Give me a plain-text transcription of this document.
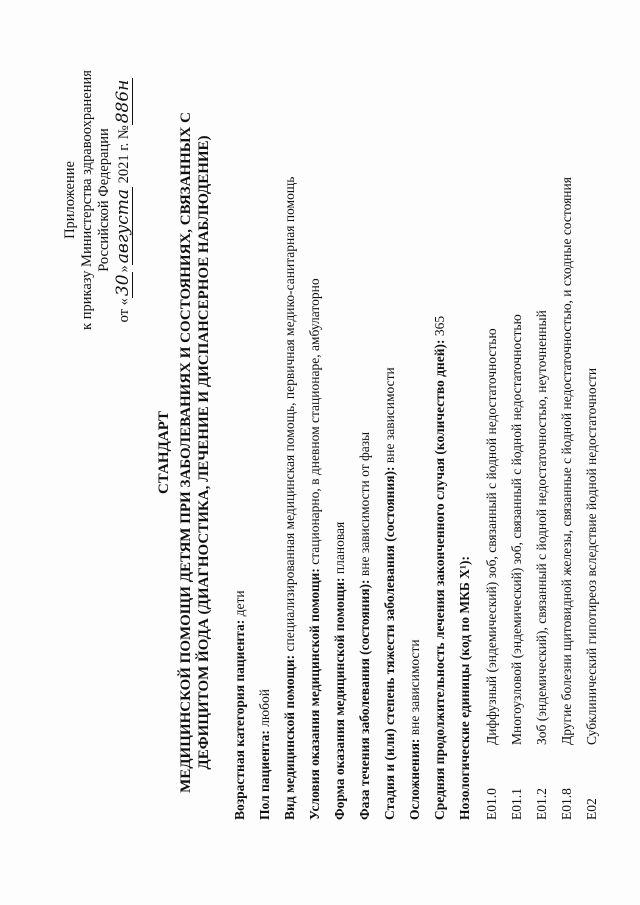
Приложение к приказу Министерства здравоохранения Российской Федерации
от «30»августа 2021 г. №886н
СТАНДАРТ МЕДИЦИНСКОЙ ПОМОЩИ ДЕТЯМ ПРИ ЗАБОЛЕВАНИЯХ И СОСТОЯНИЯХ, СВЯЗАННЫХ С ДЕФИЦИТОМ ЙОДА (ДИАГНОСТИКА, ЛЕЧЕНИЕ И ДИСПАНСЕРНОЕ НАБЛЮДЕНИЕ) Возрастная категория пациента: дети
Пол пациента: любой Вид медицинской помощи: специализированная медицинская помощь, первичная медико-санитарная помощь
Условия оказания медицинской помощи: стационарно, в дневном стационаре, амбулаторно
Форма оказания медицинской помощи: плановая
Фаза течения заболевания (состояния): вне зависимости от фазы Стадия и (или) степень тяжести заболевания (состояния): вне зависимости
Осложнения: вне зависимости Средняя продолжительность лечения законченного случая (количество дней): 365
Нозологические единицы (код по МКБ X¹): E01.0
Диффузный (эндемический) зоб, связанный с йодной недостаточностью
E01.1
Многоузловой (эндемический) зоб, связанный с йодной недостаточностью
E01.2
Зоб (эндемический), связанный с йодной недостаточностью, неуточненный
E01.8
Другие болезни щитовидной железы, связанные с йодной недостаточностью, и сходные состояния
E02
Субклинический гипотиреоз вследствие йодной недостаточности
